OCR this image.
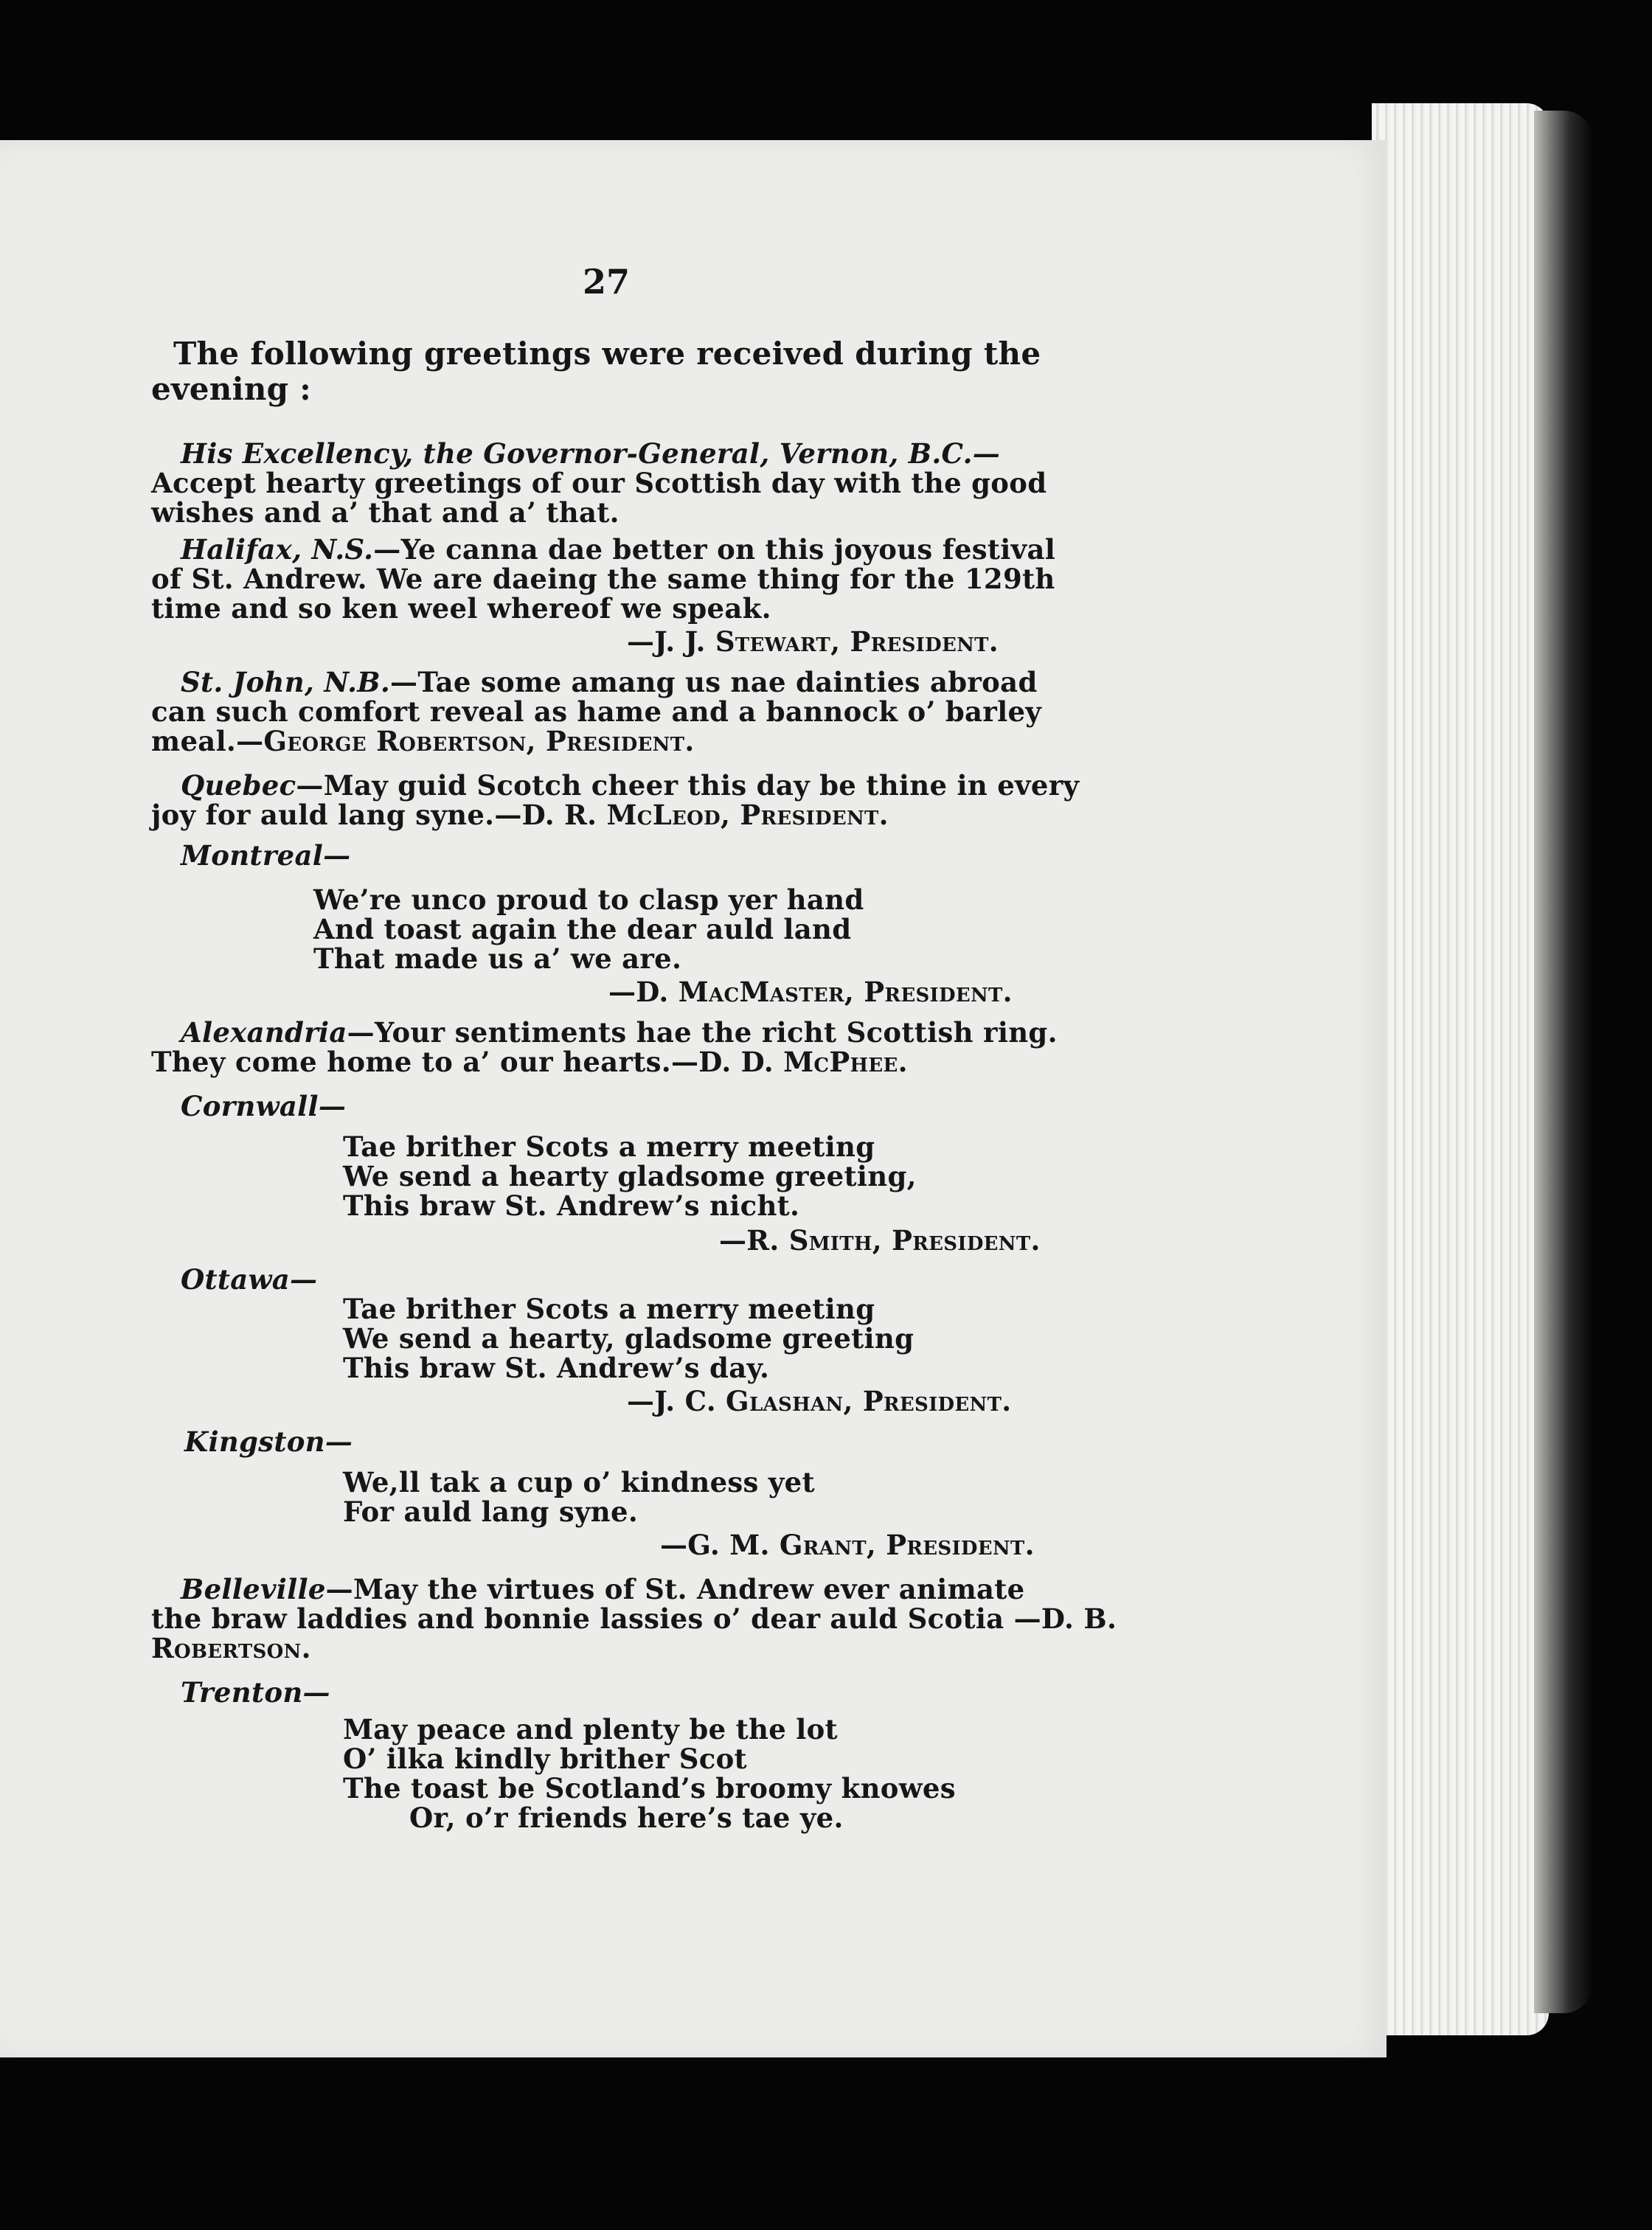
27
The following greetings were received during the
evening :
His Excellency, the Governor-General, Vernon, B.C.—
Accept hearty greetings of our Scottish day with the good
wishes and a’ that and a’ that.
Halifax, N.S.—Ye canna dae better on this joyous festival
of St. Andrew. We are daeing the same thing for the 129th
time and so ken weel whereof we speak.
—J. J. Stewart, President.
St. John, N.B.—Tae some amang us nae dainties abroad
can such comfort reveal as hame and a bannock o’ barley
meal.—George Robertson, President.
Quebec—May guid Scotch cheer this day be thine in every
joy for auld lang syne.—D. R. McLeod, President.
Montreal—
We’re unco proud to clasp yer hand
And toast again the dear auld land
That made us a’ we are.
—D. MacMaster, President.
Alexandria—Your sentiments hae the richt Scottish ring.
They come home to a’ our hearts.—D. D. McPhee.
Cornwall—
Tae brither Scots a merry meeting
We send a hearty gladsome greeting,
This braw St. Andrew’s nicht.
—R. Smith, President.
Ottawa—
Tae brither Scots a merry meeting
We send a hearty, gladsome greeting
This braw St. Andrew’s day.
—J. C. Glashan, President.
Kingston—
We,ll tak a cup o’ kindness yet
For auld lang syne.
—G. M. Grant, President.
Belleville—May the virtues of St. Andrew ever animate
the braw laddies and bonnie lassies o’ dear auld Scotia —D. B.
Robertson.
Trenton—
May peace and plenty be the lot
O’ ilka kindly brither Scot
The toast be Scotland’s broomy knowes
Or, o’r friends here’s tae ye.
